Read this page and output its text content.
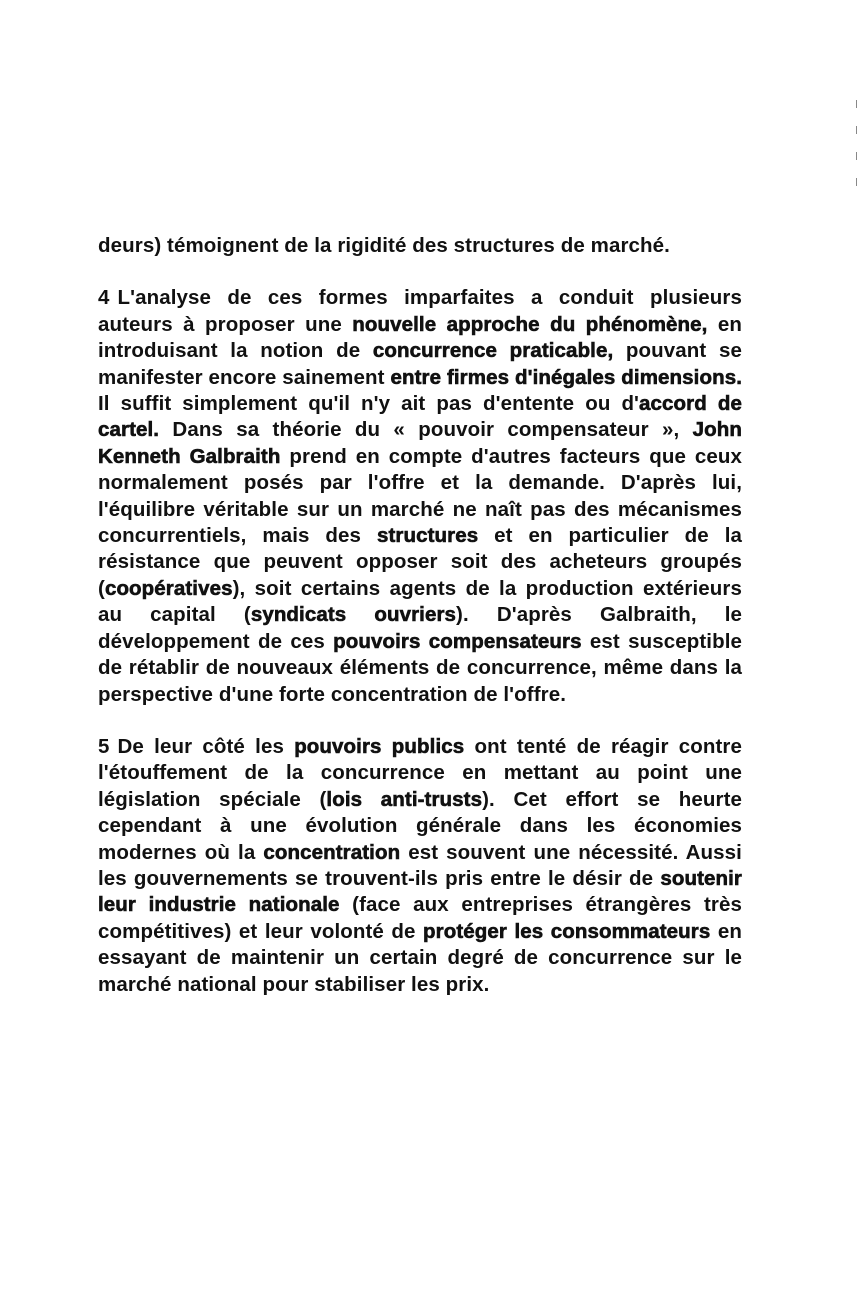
deurs) témoignent de la rigidité des structures de marché.

4 L'analyse de ces formes imparfaites a conduit plusieurs auteurs à proposer une nouvelle approche du phénomène, en introduisant la notion de concurrence praticable, pouvant se manifester encore sainement entre firmes d'inégales dimensions. Il suffit simplement qu'il n'y ait pas d'entente ou d'accord de cartel. Dans sa théorie du « pouvoir compensateur », John Kenneth Galbraith prend en compte d'autres facteurs que ceux normalement posés par l'offre et la demande. D'après lui, l'équilibre véritable sur un marché ne naît pas des mécanismes concurrentiels, mais des structures et en particulier de la résistance que peuvent opposer soit des acheteurs groupés (coopératives), soit certains agents de la production extérieurs au capital (syndicats ouvriers). D'après Galbraith, le développement de ces pouvoirs compensateurs est susceptible de rétablir de nouveaux éléments de concurrence, même dans la perspective d'une forte concentration de l'offre.

5 De leur côté les pouvoirs publics ont tenté de réagir contre l'étouffement de la concurrence en mettant au point une législation spéciale (lois anti-trusts). Cet effort se heurte cependant à une évolution générale dans les économies modernes où la concentration est souvent une nécessité. Aussi les gouvernements se trouvent-ils pris entre le désir de soutenir leur industrie nationale (face aux entreprises étrangères très compétitives) et leur volonté de protéger les consommateurs en essayant de maintenir un certain degré de concurrence sur le marché national pour stabiliser les prix.
